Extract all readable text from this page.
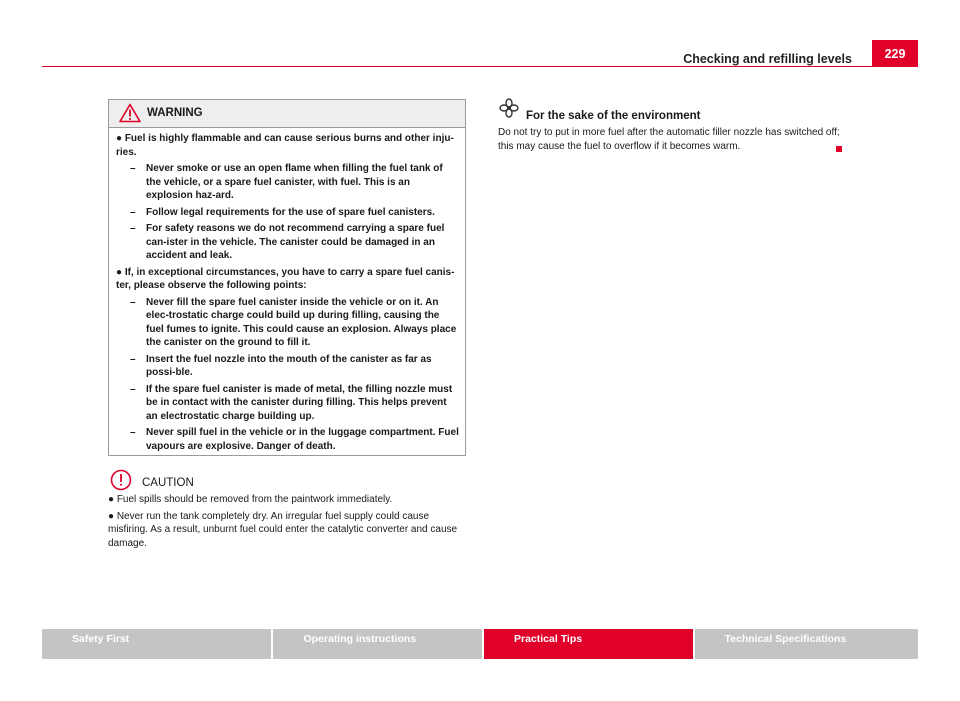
Checking and refilling levels	229
WARNING
● Fuel is highly flammable and can cause serious burns and other inju-ries.
– Never smoke or use an open flame when filling the fuel tank of the vehicle, or a spare fuel canister, with fuel. This is an explosion haz-ard.
– Follow legal requirements for the use of spare fuel canisters.
– For safety reasons we do not recommend carrying a spare fuel can-ister in the vehicle. The canister could be damaged in an accident and leak.
● If, in exceptional circumstances, you have to carry a spare fuel canis-ter, please observe the following points:
– Never fill the spare fuel canister inside the vehicle or on it. An elec-trostatic charge could build up during filling, causing the fuel fumes to ignite. This could cause an explosion. Always place the canister on the ground to fill it.
– Insert the fuel nozzle into the mouth of the canister as far as possi-ble.
– If the spare fuel canister is made of metal, the filling nozzle must be in contact with the canister during filling. This helps prevent an electrostatic charge building up.
– Never spill fuel in the vehicle or in the luggage compartment. Fuel vapours are explosive. Danger of death.
CAUTION
● Fuel spills should be removed from the paintwork immediately.
● Never run the tank completely dry. An irregular fuel supply could cause misfiring. As a result, unburnt fuel could enter the catalytic converter and cause damage.
For the sake of the environment
Do not try to put in more fuel after the automatic filler nozzle has switched off; this may cause the fuel to overflow if it becomes warm.
Safety First	Operating instructions	Practical Tips	Technical Specifications
